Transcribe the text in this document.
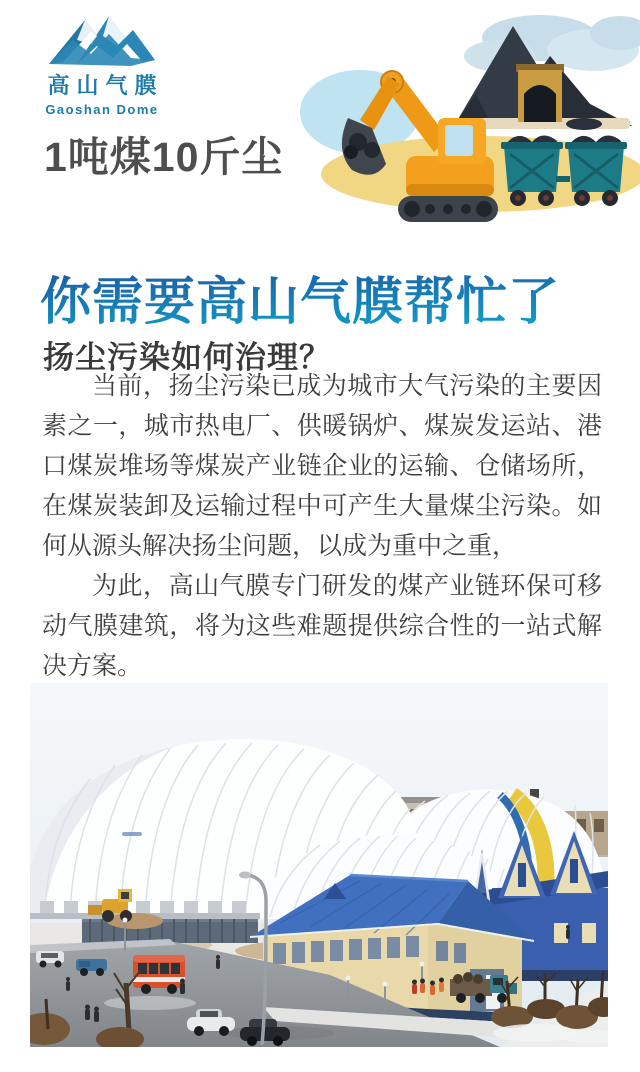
高山气膜
Gaoshan Dome
1吨煤10斤尘
你需要高山气膜帮忙了
扬尘污染如何治理？

当前，扬尘污染已成为城市大气污染的主要因素之一，城市热电厂、供暖锅炉、煤炭发运站、港口煤炭堆场等煤炭产业链企业的运输、仓储场所，在煤炭装卸及运输过程中可产生大量煤尘污染。如何从源头解决扬尘问题，以成为重中之重，

为此，高山气膜专门研发的煤产业链环保可移动气膜建筑，将为这些难题提供综合性的一站式解决方案。
